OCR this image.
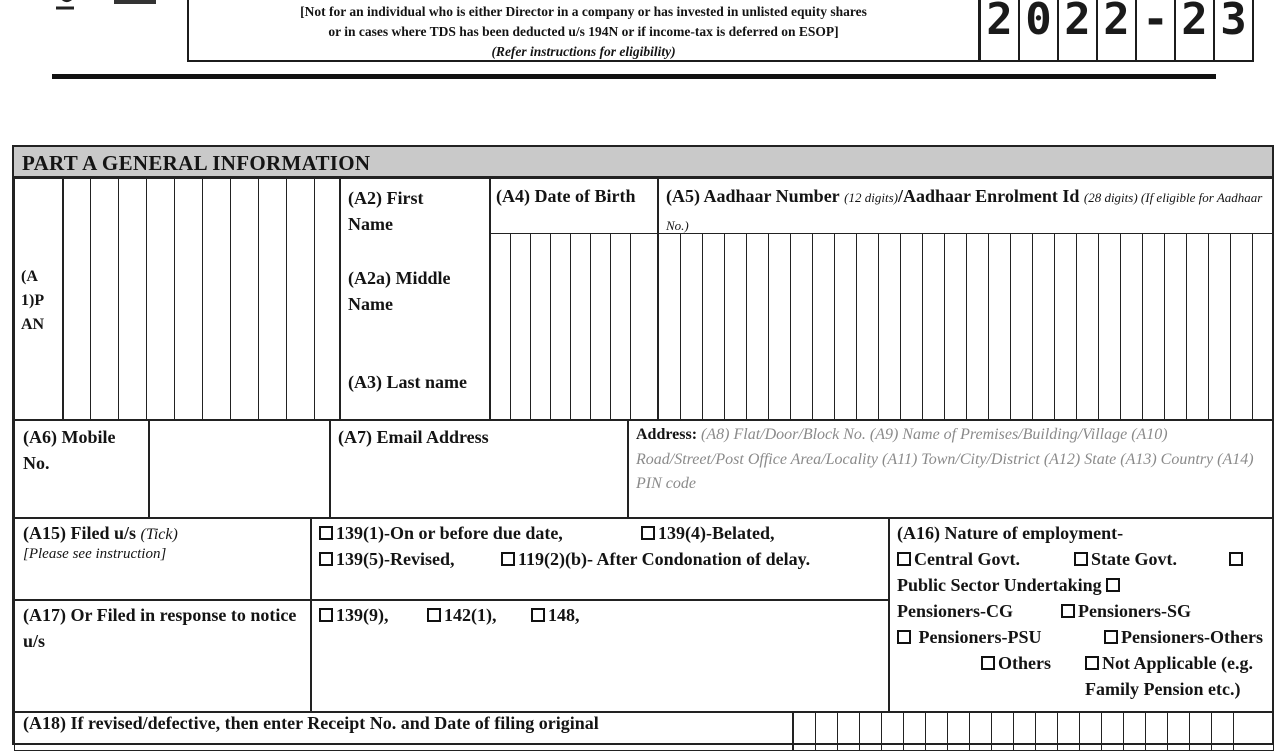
[Not for an individual who is either Director in a company or has invested in unlisted equity shares
or in cases where TDS has been deducted u/s 194N or if income-tax is deferred on ESOP]
(Refer instructions for eligibility)
2 0 2 2 - 2 3
PART A GENERAL INFORMATION
(A 1)P AN
(A2) First Name
(A2a) Middle Name
(A3) Last name
(A4) Date of Birth	(A5) Aadhaar Number (12 digits)/Aadhaar Enrolment Id (28 digits) (If eligible for Aadhaar No.)
(A6) Mobile No.
(A7) Email Address	Address: (A8) Flat/Door/Block No. (A9) Name of Premises/Building/Village (A10) Road/Street/Post Office Area/Locality (A11) Town/City/District (A12) State (A13) Country (A14) PIN code
(A15) Filed u/s (Tick)
[Please see instruction]
139(1)-On or before due date,	139(4)-Belated,
139(5)-Revised,	119(2)(b)- After Condonation of delay.
(A16) Nature of employment-
Central Govt.	State Govt.
Public Sector Undertaking
Pensioners-CG	Pensioners-SG
Pensioners-PSU	Pensioners-Others
Others	Not Applicable (e.g. Family Pension etc.)
(A17) Or Filed in response to notice u/s
139(9),	142(1),	148,
(A18) If revised/defective, then enter Receipt No. and Date of filing original
